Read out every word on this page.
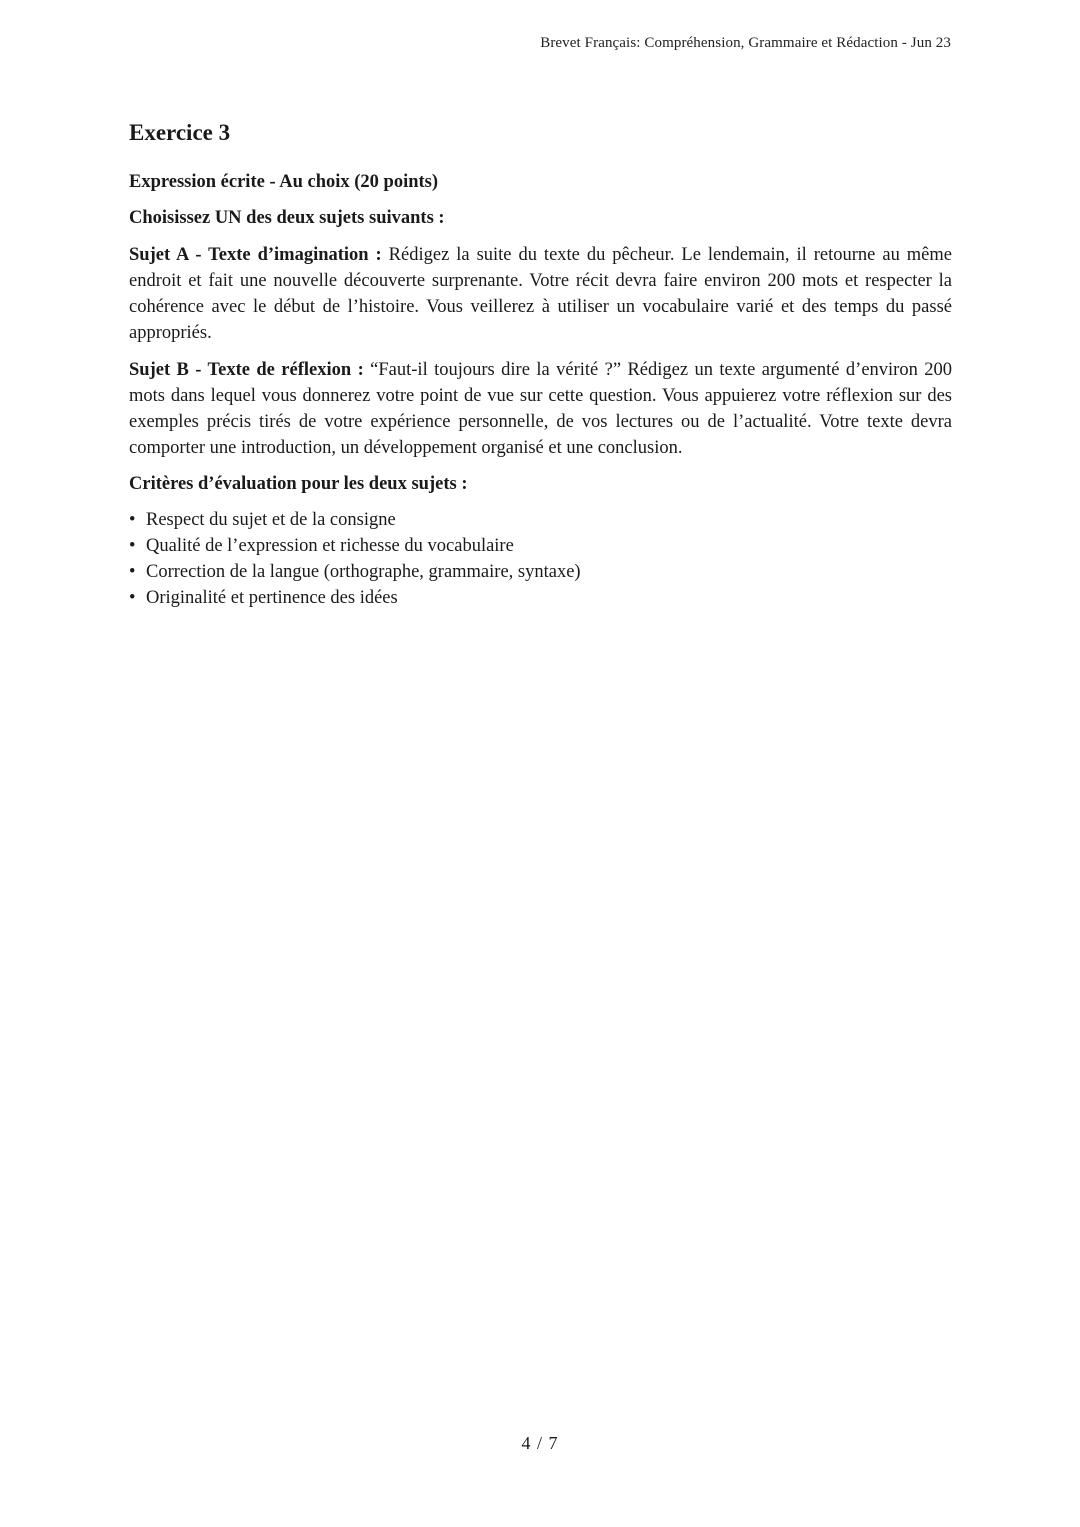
Brevet Français: Compréhension, Grammaire et Rédaction - Jun 23
Exercice 3
Expression écrite - Au choix (20 points)
Choisissez UN des deux sujets suivants :

Sujet A - Texte d’imagination : Rédigez la suite du texte du pêcheur. Le lendemain, il retourne au même endroit et fait une nouvelle découverte surprenante. Votre récit devra faire environ 200 mots et respecter la cohérence avec le début de l’histoire. Vous veillerez à utiliser un vocabulaire varié et des temps du passé appropriés.

Sujet B - Texte de réflexion : “Faut-il toujours dire la vérité ?” Rédigez un texte argumenté d’environ 200 mots dans lequel vous donnerez votre point de vue sur cette question. Vous appuierez votre réflexion sur des exemples précis tirés de votre expérience personnelle, de vos lectures ou de l’actualité. Votre texte devra comporter une introduction, un développement organisé et une conclusion.

Critères d’évaluation pour les deux sujets :
• Respect du sujet et de la consigne
• Qualité de l’expression et richesse du vocabulaire
• Correction de la langue (orthographe, grammaire, syntaxe)
• Originalité et pertinence des idées
4 / 7
